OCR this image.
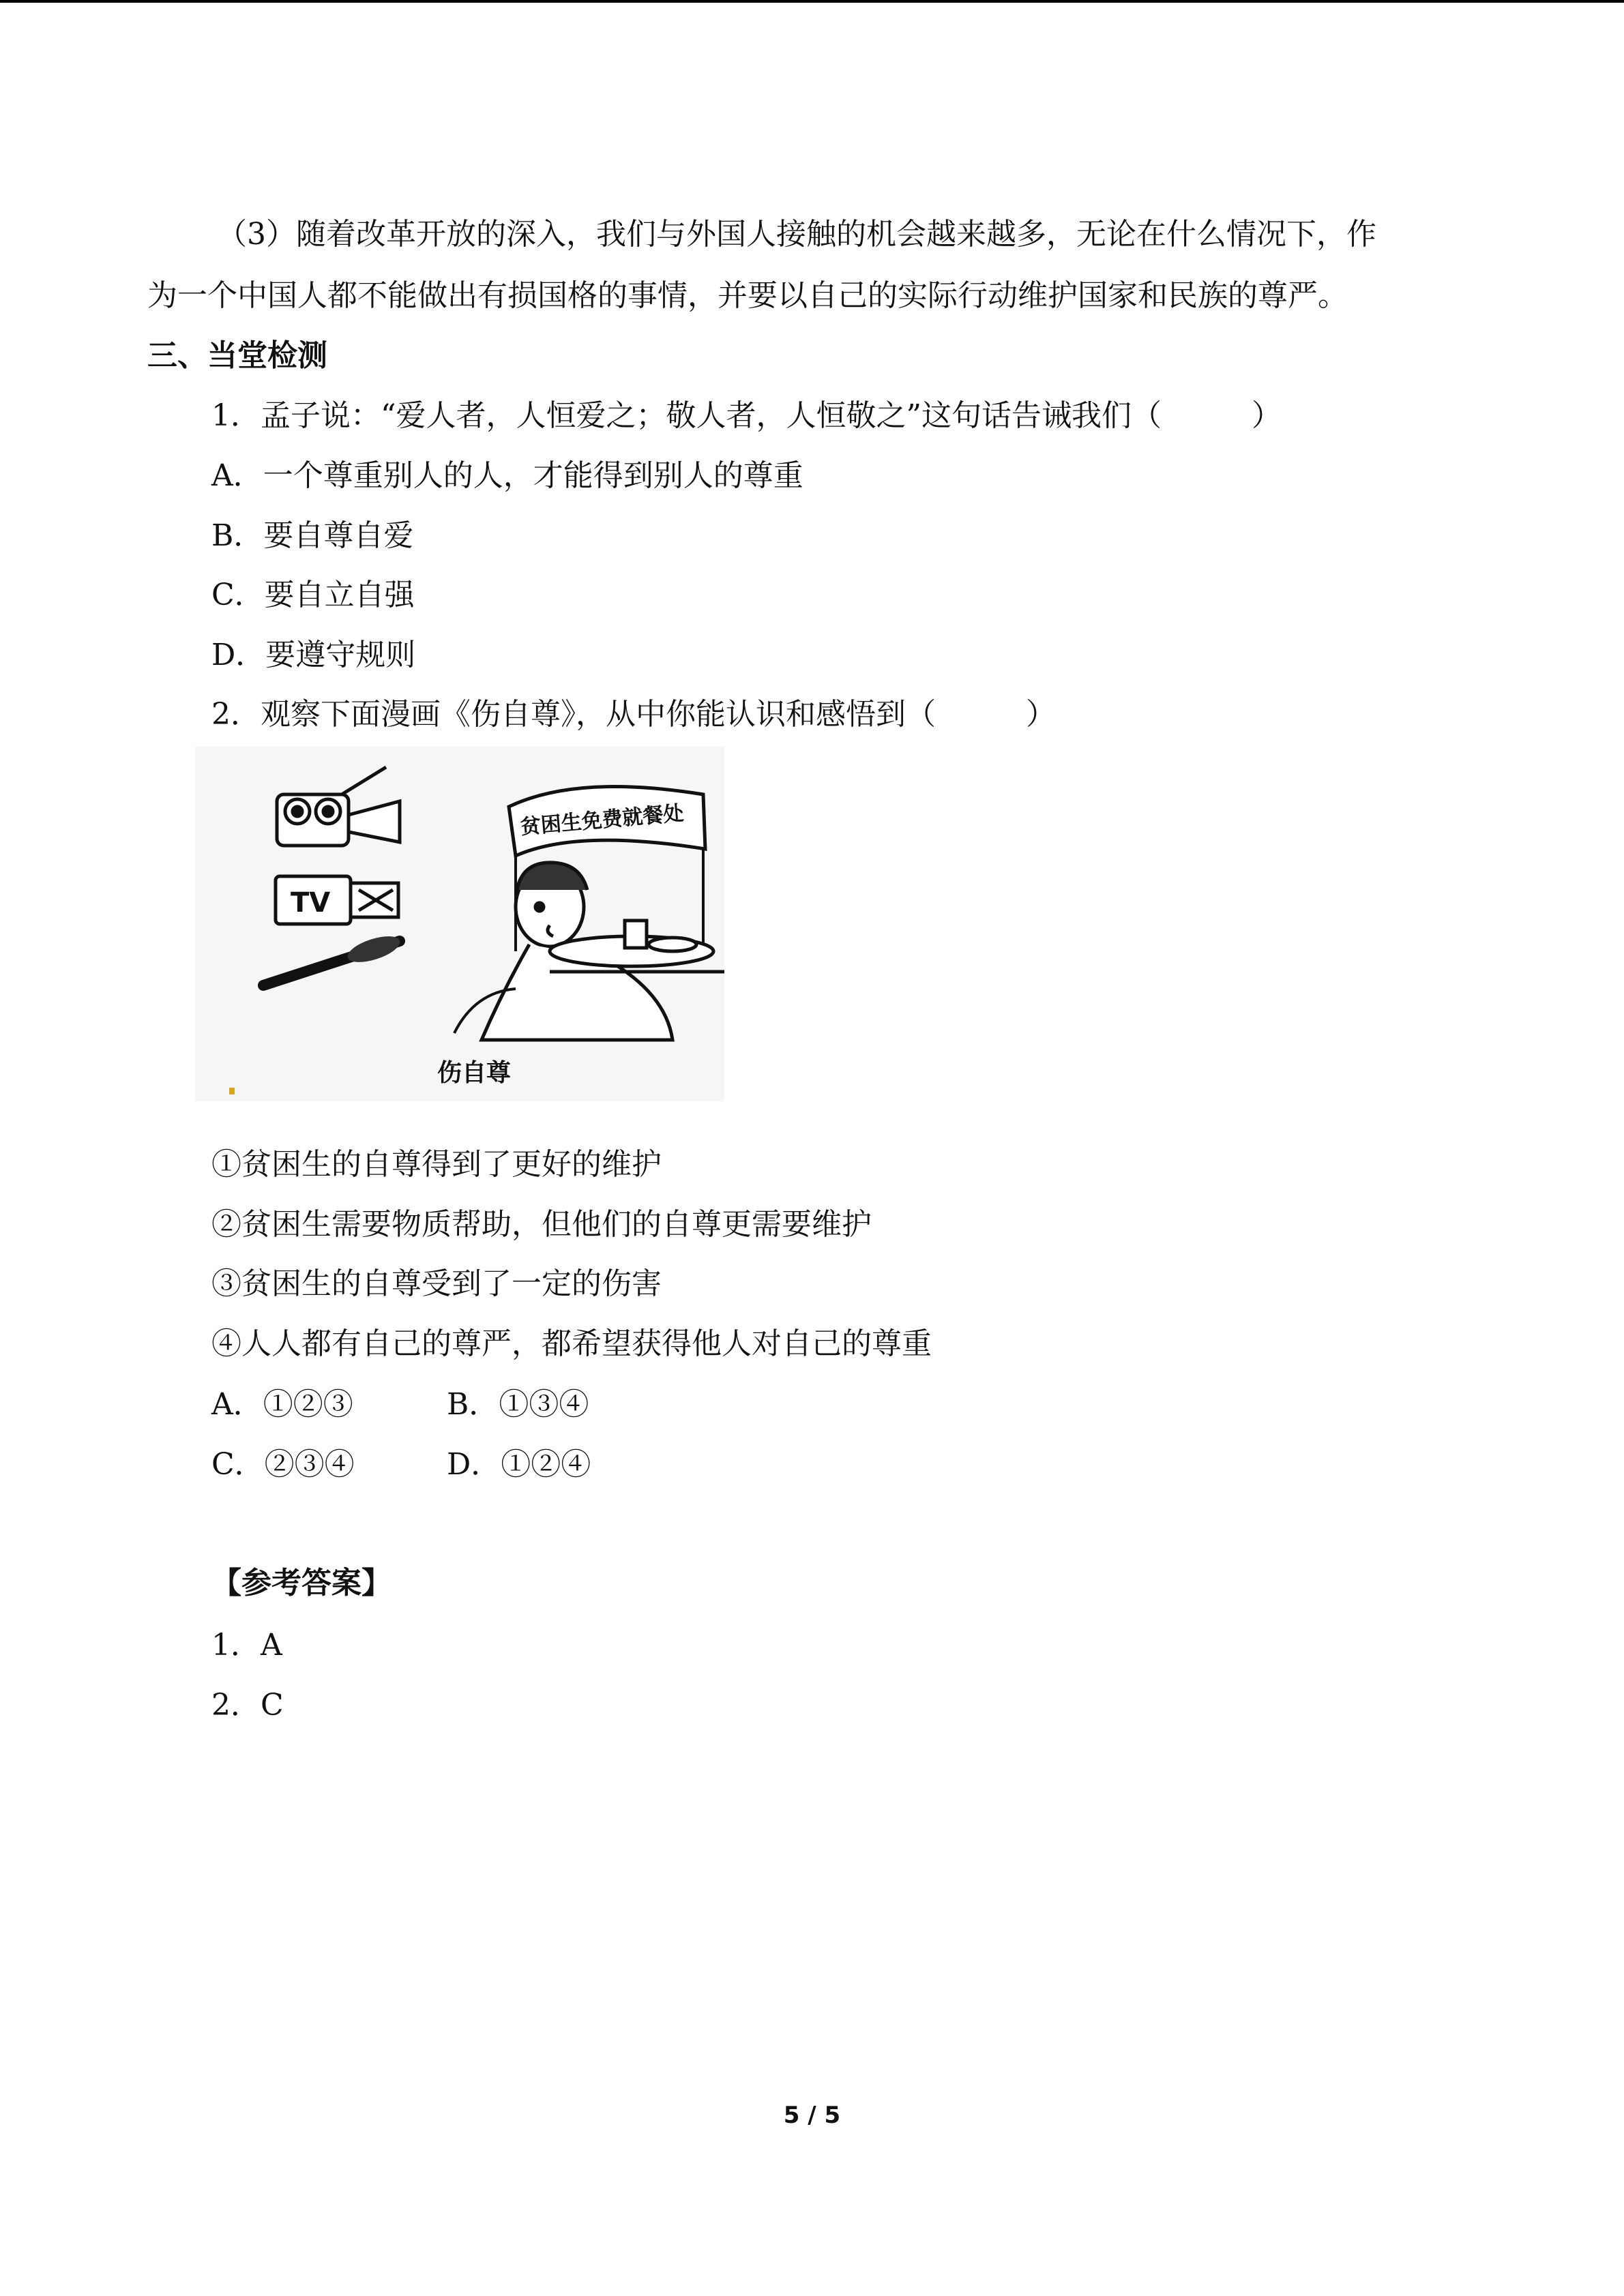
（3）随着改革开放的深入，我们与外国人接触的机会越来越多，无论在什么情况下，作
为一个中国人都不能做出有损国格的事情，并要以自己的实际行动维护国家和民族的尊严。
三、当堂检测
1．孟子说：“爱人者，人恒爱之；敬人者，人恒敬之”这句话告诫我们（　　　）
A．一个尊重别人的人，才能得到别人的尊重
B．要自尊自爱
C．要自立自强
D．要遵守规则
2．观察下面漫画《伤自尊》，从中你能认识和感悟到（　　　）
TV
贫困生免费就餐处
伤自尊
①贫困生的自尊得到了更好的维护
②贫困生需要物质帮助，但他们的自尊更需要维护
③贫困生的自尊受到了一定的伤害
④人人都有自己的尊严，都希望获得他人对自己的尊重
A．①②③	B．①③④
C．②③④	D．①②④
【参考答案】
1．A
2．C
5 / 5
